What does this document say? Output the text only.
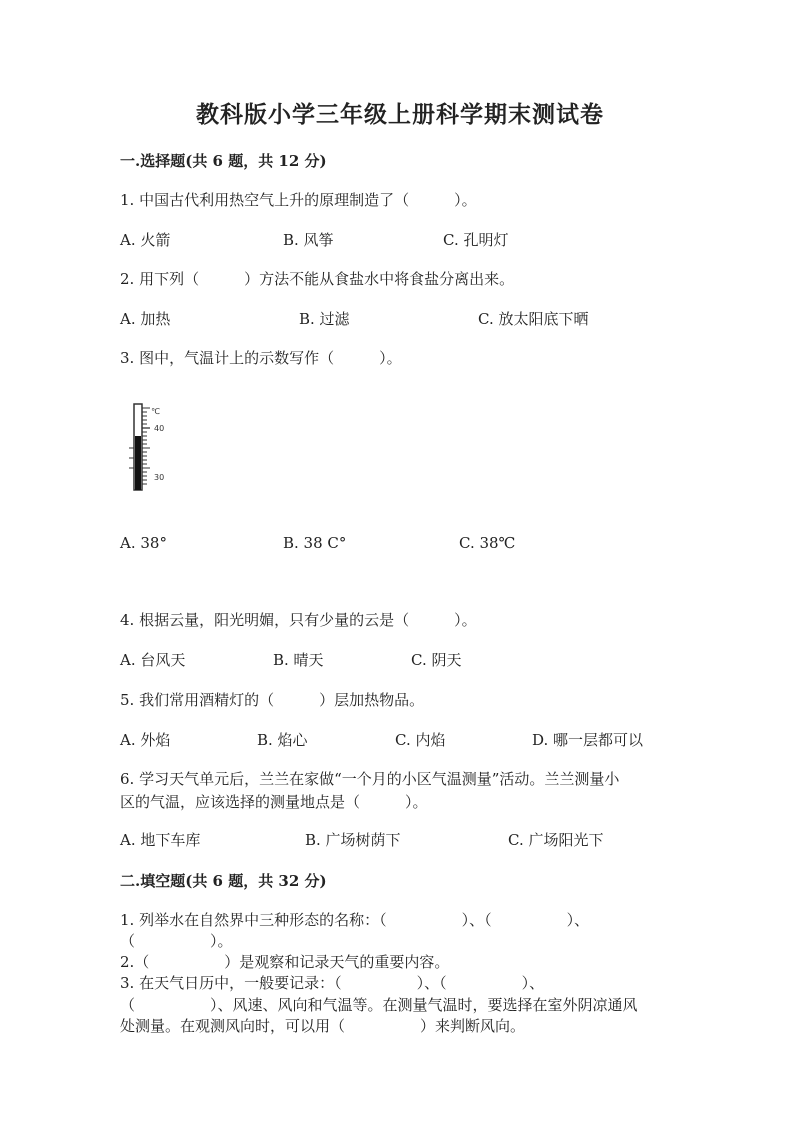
教科版小学三年级上册科学期末测试卷
一.选择题(共 6 题，共 12 分)
1. 中国古代利用热空气上升的原理制造了（　　　）。
A. 火箭	B. 风筝	C. 孔明灯
2. 用下列（　　　）方法不能从食盐水中将食盐分离出来。
A. 加热	B. 过滤	C. 放太阳底下晒
3. 图中，气温计上的示数写作（　　　）。
℃
40
30
A. 38°	B. 38 C°	C. 38℃
4. 根据云量，阳光明媚，只有少量的云是（　　　）。
A. 台风天	B. 晴天	C. 阴天
5. 我们常用酒精灯的（　　　）层加热物品。
A. 外焰	B. 焰心	C. 内焰	D. 哪一层都可以
6. 学习天气单元后，兰兰在家做“一个月的小区气温测量”活动。兰兰测量小
区的气温，应该选择的测量地点是（　　　）。
A. 地下车库	B. 广场树荫下	C. 广场阳光下
二.填空题(共 6 题，共 32 分)
1. 列举水在自然界中三种形态的名称：（　　　　　）、（　　　　　）、
（　　　　　）。
2.（　　　　　）是观察和记录天气的重要内容。
3. 在天气日历中，一般要记录：（　　　　　）、（　　　　　）、
（　　　　　）、风速、风向和气温等。在测量气温时，要选择在室外阴凉通风
处测量。在观测风向时，可以用（　　　　　）来判断风向。
